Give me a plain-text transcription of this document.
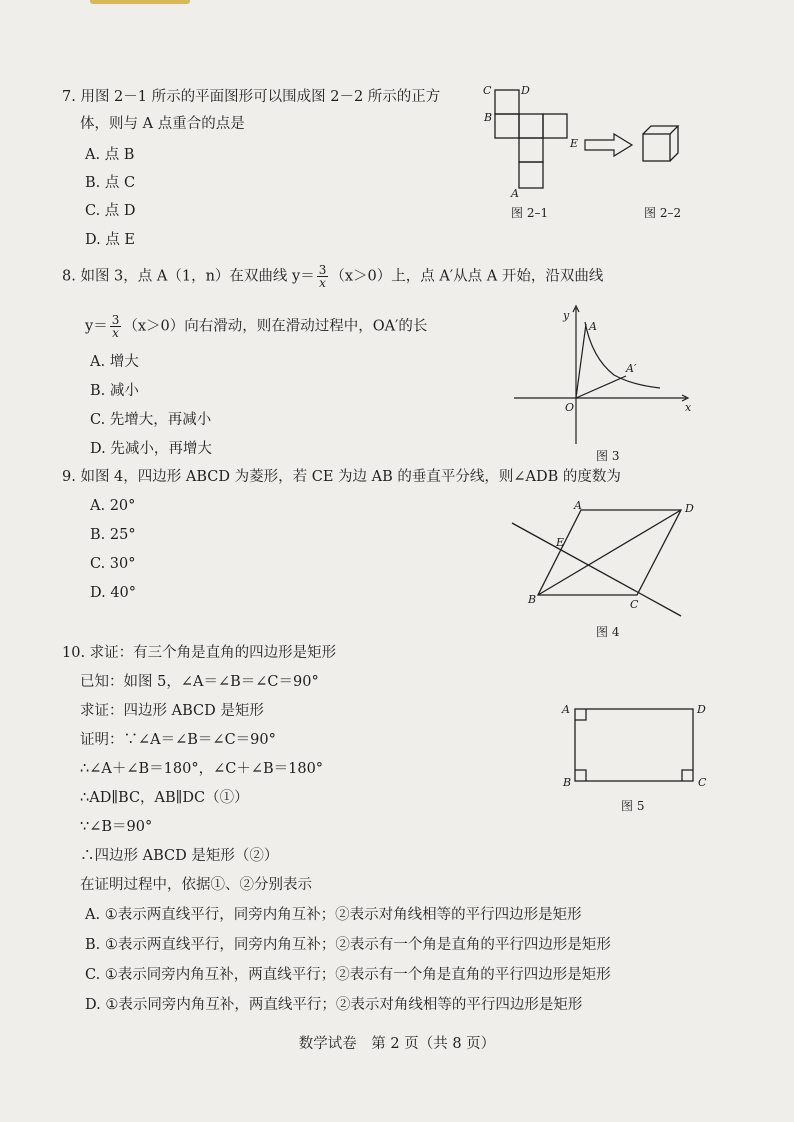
7. 用图 2－1 所示的平面图形可以围成图 2－2 所示的正方
体，则与 A 点重合的点是
A. 点 B
B. 点 C
C. 点 D
D. 点 E
C	D
B
E
A
图 2–1	图 2–2
8. 如图 3，点 A（1，n）在双曲线 $y= \frac{3}{x} (x>0)$上，点 A′从点 A 开始，沿双曲线
$y= \frac{3}{x} (x>0)$向右滑动，则在滑动过程中，OA′的长
A. 增大
B. 减小
C. 先增大，再减小
D. 先减小，再增大
y
x
O
A
A′
图 3
9. 如图 4，四边形 ABCD 为菱形，若 CE 为边 AB 的垂直平分线，则∠ADB 的度数为
A. 20°
B. 25°
C. 30°
D. 40°
A	D
E
B	C
图 4
10. 求证：有三个角是直角的四边形是矩形
已知：如图 5，∠A＝∠B＝∠C＝90°
求证：四边形 ABCD 是矩形
证明：∵∠A＝∠B＝∠C＝90°
∴∠A＋∠B＝180°，∠C＋∠B＝180°
∴AD∥BC，AB∥DC（①）
∵∠B＝90°
∴四边形 ABCD 是矩形（②）
在证明过程中，依据①、②分别表示
A. ①表示两直线平行，同旁内角互补；②表示对角线相等的平行四边形是矩形
B. ①表示两直线平行，同旁内角互补；②表示有一个角是直角的平行四边形是矩形
C. ①表示同旁内角互补，两直线平行；②表示有一个角是直角的平行四边形是矩形
D. ①表示同旁内角互补，两直线平行；②表示对角线相等的平行四边形是矩形
A	D
B	C
图 5
数学试卷　第 2 页（共 8 页）
